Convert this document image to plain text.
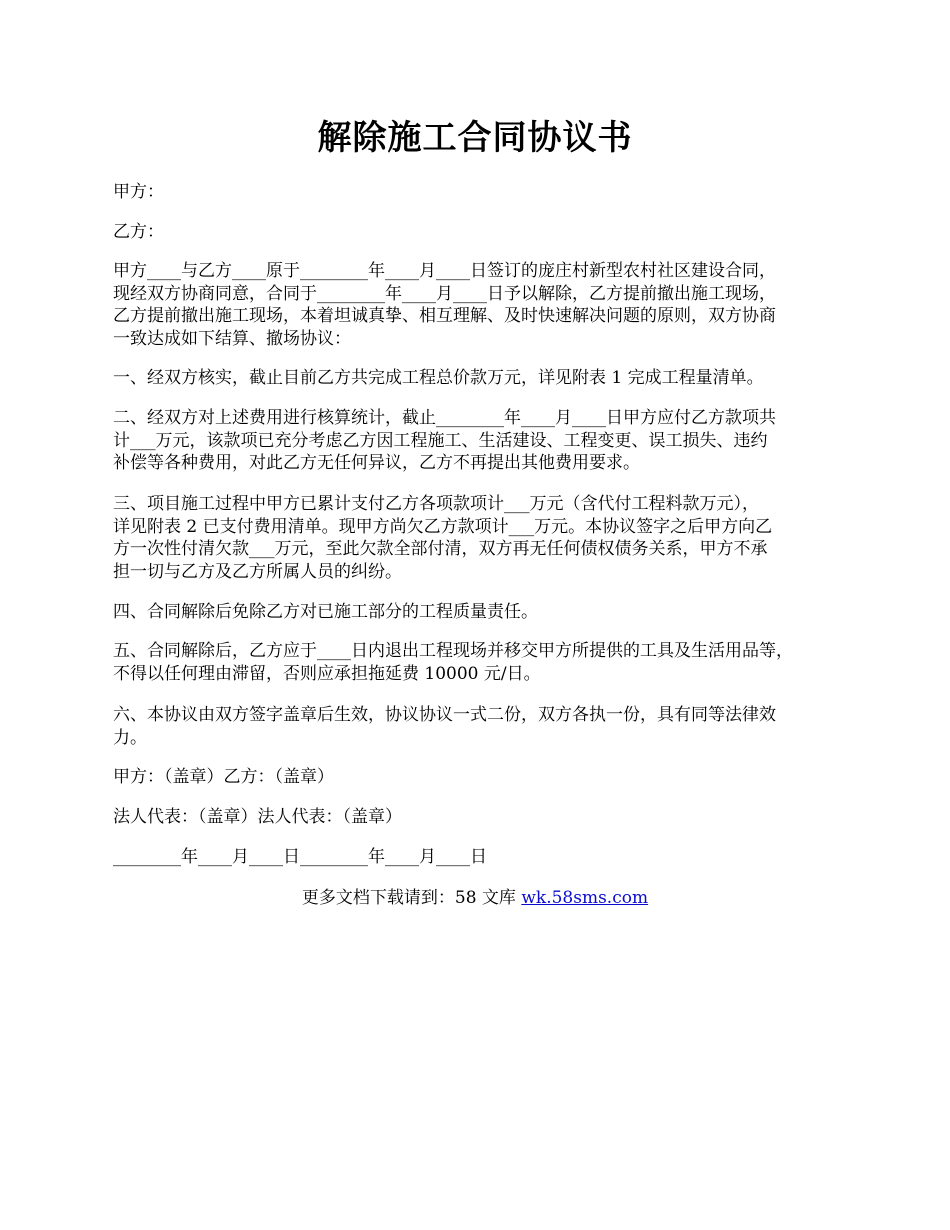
解除施工合同协议书
甲方：
乙方：
甲方____与乙方____原于________年____月____日签订的庞庄村新型农村社区建设合同，
现经双方协商同意，合同于________年____月____日予以解除，乙方提前撤出施工现场，
乙方提前撤出施工现场，本着坦诚真挚、相互理解、及时快速解决问题的原则，双方协商
一致达成如下结算、撤场协议：
一、经双方核实，截止目前乙方共完成工程总价款万元，详见附表 1 完成工程量清单。
二、经双方对上述费用进行核算统计，截止________年____月____日甲方应付乙方款项共
计___万元，该款项已充分考虑乙方因工程施工、生活建设、工程变更、误工损失、违约
补偿等各种费用，对此乙方无任何异议，乙方不再提出其他费用要求。
三、项目施工过程中甲方已累计支付乙方各项款项计___万元（含代付工程料款万元），
详见附表 2 已支付费用清单。现甲方尚欠乙方款项计___万元。本协议签字之后甲方向乙
方一次性付清欠款___万元，至此欠款全部付清，双方再无任何债权债务关系，甲方不承
担一切与乙方及乙方所属人员的纠纷。
四、合同解除后免除乙方对已施工部分的工程质量责任。
五、合同解除后，乙方应于____日内退出工程现场并移交甲方所提供的工具及生活用品等，
不得以任何理由滞留，否则应承担拖延费 10000 元/日。
六、本协议由双方签字盖章后生效，协议协议一式二份，双方各执一份，具有同等法律效
力。
甲方：（盖章）乙方：（盖章）
法人代表：（盖章）法人代表：（盖章）
________年____月____日________年____月____日
更多文档下载请到：58 文库 wk.58sms.com
